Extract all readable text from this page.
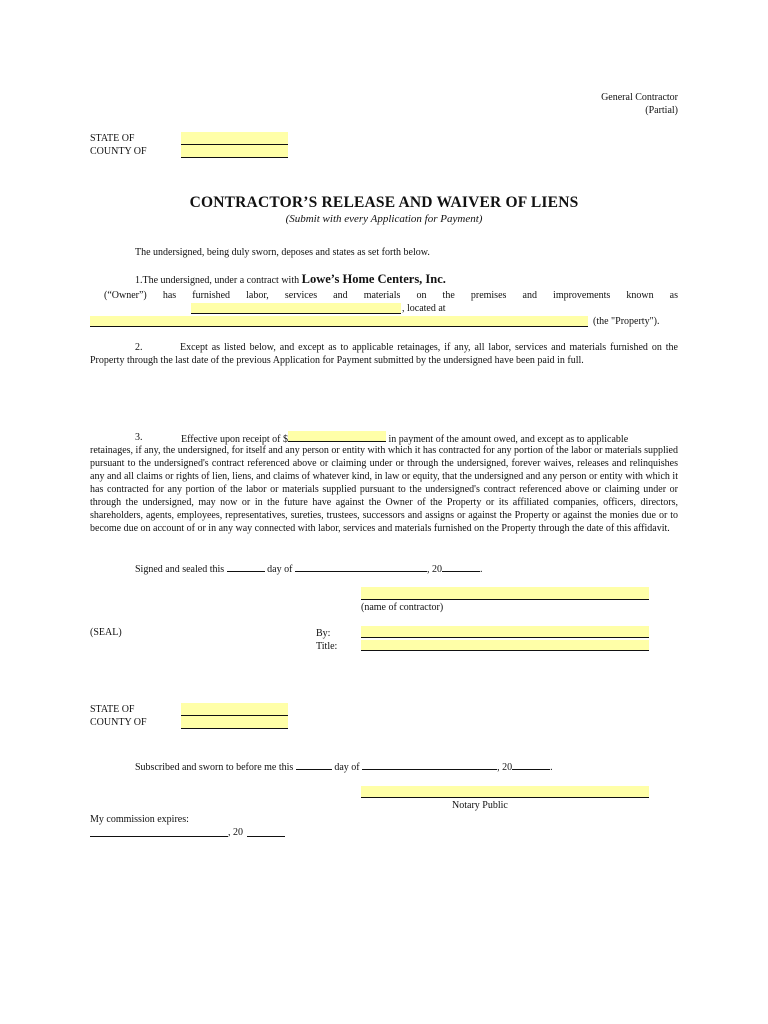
General Contractor
(Partial)
STATE OF
COUNTY OF
CONTRACTOR’S RELEASE AND WAIVER OF LIENS
(Submit with every Application for Payment)
The undersigned, being duly sworn, deposes and states as set forth below.
1.The undersigned, under a contract with Lowe’s Home Centers, Inc.
(“Owner”) has furnished labor, services and materials on the premises and improvements known as
, located at
(the "Property").
2.	Except as listed below, and except as to applicable retainages, if any, all labor, services and materials furnished on the Property through the last date of the previous Application for Payment submitted by the undersigned have been paid in full.
3.	Effective upon receipt of $	in payment of the amount owed, and except as to applicable
retainages, if any, the undersigned, for itself and any person or entity with which it has contracted for any portion of the labor or materials supplied pursuant to the undersigned's contract referenced above or claiming under or through the undersigned, forever waives, releases and relinquishes any and all claims or rights of lien, liens, and claims of whatever kind, in law or equity, that the undersigned and any person or entity with which it has contracted for any portion of the labor or materials supplied pursuant to the undersigned's contract referenced above or claiming under or through the undersigned, may now or in the future have against the Owner of the Property or its affiliated companies, officers, directors, shareholders, agents, employees, representatives, sureties, trustees, successors and assigns or against the Property or against the monies due or to become due on account of or in any way connected with labor, services and materials furnished on the Property through the date of this affidavit.
Signed and sealed this	day of	, 20	.
(name of contractor)
(SEAL)	By:
Title:
STATE OF
COUNTY OF
Subscribed and sworn to before me this	day of	, 20	.
Notary Public
My commission expires:
, 20
